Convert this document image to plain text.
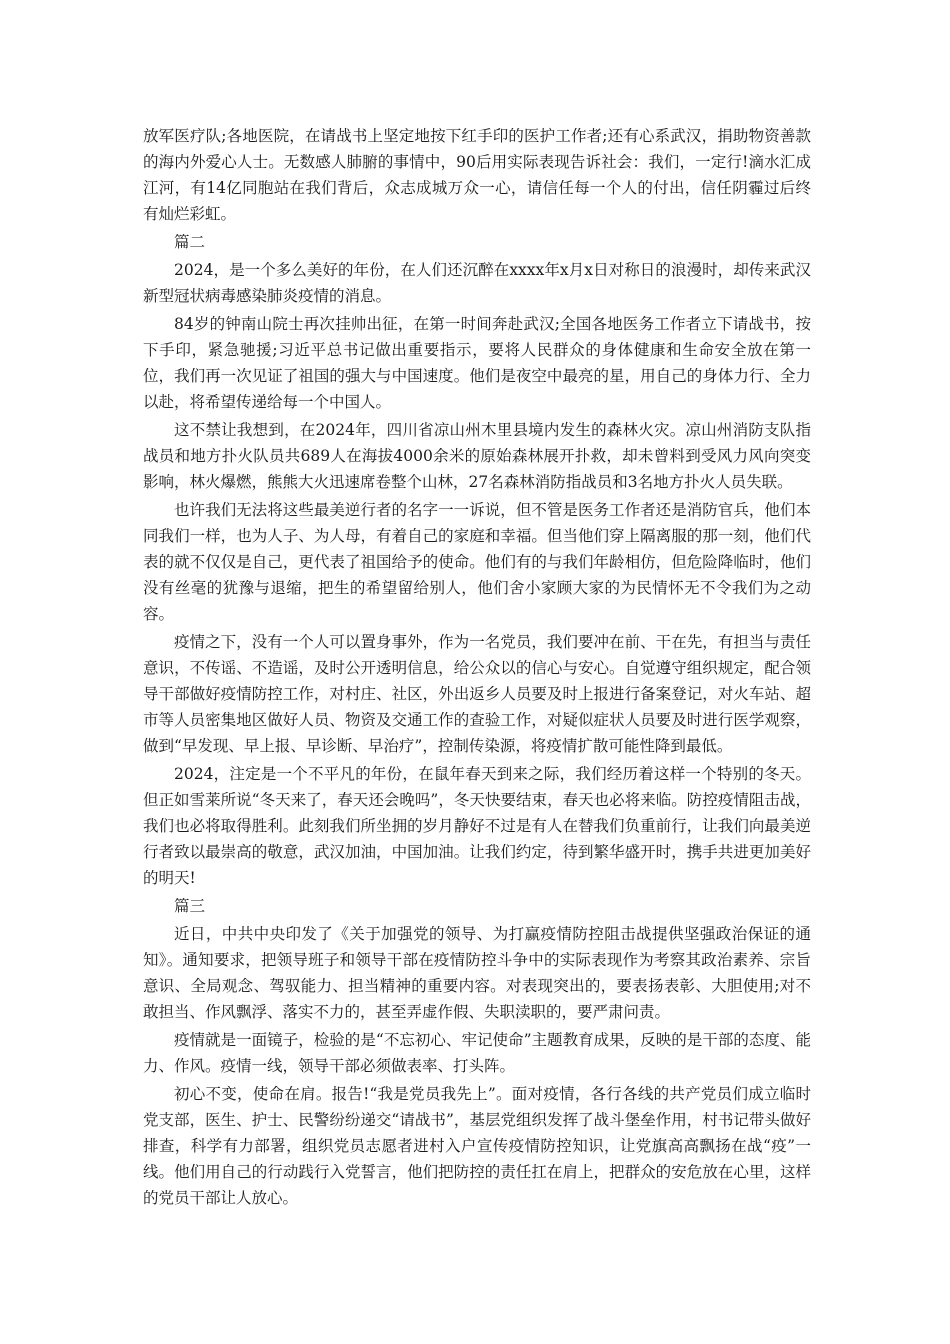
放军医疗队;各地医院，在请战书上坚定地按下红手印的医护工作者;还有心系武汉，捐助物资善款的海内外爱心人士。无数感人肺腑的事情中，90后用实际表现告诉社会：我们，一定行!滴水汇成江河，有14亿同胞站在我们背后，众志成城万众一心，请信任每一个人的付出，信任阴霾过后终有灿烂彩虹。

篇二

2024，是一个多么美好的年份，在人们还沉醉在xxxx年x月x日对称日的浪漫时，却传来武汉新型冠状病毒感染肺炎疫情的消息。

84岁的钟南山院士再次挂帅出征，在第一时间奔赴武汉;全国各地医务工作者立下请战书，按下手印，紧急驰援;习近平总书记做出重要指示，要将人民群众的身体健康和生命安全放在第一位，我们再一次见证了祖国的强大与中国速度。他们是夜空中最亮的星，用自己的身体力行、全力以赴，将希望传递给每一个中国人。

这不禁让我想到，在2024年，四川省凉山州木里县境内发生的森林火灾。凉山州消防支队指战员和地方扑火队员共689人在海拔4000余米的原始森林展开扑救，却未曾料到受风力风向突变影响，林火爆燃，熊熊大火迅速席卷整个山林，27名森林消防指战员和3名地方扑火人员失联。

也许我们无法将这些最美逆行者的名字一一诉说，但不管是医务工作者还是消防官兵，他们本同我们一样，也为人子、为人母，有着自己的家庭和幸福。但当他们穿上隔离服的那一刻，他们代表的就不仅仅是自己，更代表了祖国给予的使命。他们有的与我们年龄相仿，但危险降临时，他们没有丝毫的犹豫与退缩，把生的希望留给别人，他们舍小家顾大家的为民情怀无不令我们为之动容。

疫情之下，没有一个人可以置身事外，作为一名党员，我们要冲在前、干在先，有担当与责任意识，不传谣、不造谣，及时公开透明信息，给公众以的信心与安心。自觉遵守组织规定，配合领导干部做好疫情防控工作，对村庄、社区，外出返乡人员要及时上报进行备案登记，对火车站、超市等人员密集地区做好人员、物资及交通工作的查验工作，对疑似症状人员要及时进行医学观察，做到“早发现、早上报、早诊断、早治疗”，控制传染源，将疫情扩散可能性降到最低。

2024，注定是一个不平凡的年份，在鼠年春天到来之际，我们经历着这样一个特别的冬天。但正如雪莱所说“冬天来了，春天还会晚吗”，冬天快要结束，春天也必将来临。防控疫情阻击战，我们也必将取得胜利。此刻我们所坐拥的岁月静好不过是有人在替我们负重前行，让我们向最美逆行者致以最崇高的敬意，武汉加油，中国加油。让我们约定，待到繁华盛开时，携手共进更加美好的明天!

篇三

近日，中共中央印发了《关于加强党的领导、为打赢疫情防控阻击战提供坚强政治保证的通知》。通知要求，把领导班子和领导干部在疫情防控斗争中的实际表现作为考察其政治素养、宗旨意识、全局观念、驾驭能力、担当精神的重要内容。对表现突出的，要表扬表彰、大胆使用;对不敢担当、作风飘浮、落实不力的，甚至弄虚作假、失职渎职的，要严肃问责。

疫情就是一面镜子，检验的是“不忘初心、牢记使命”主题教育成果，反映的是干部的态度、能力、作风。疫情一线，领导干部必须做表率、打头阵。

初心不变，使命在肩。报告!“我是党员我先上”。面对疫情，各行各线的共产党员们成立临时党支部，医生、护士、民警纷纷递交“请战书”，基层党组织发挥了战斗堡垒作用，村书记带头做好排查，科学有力部署，组织党员志愿者进村入户宣传疫情防控知识，让党旗高高飘扬在战“疫”一线。他们用自己的行动践行入党誓言，他们把防控的责任扛在肩上，把群众的安危放在心里，这样的党员干部让人放心。
